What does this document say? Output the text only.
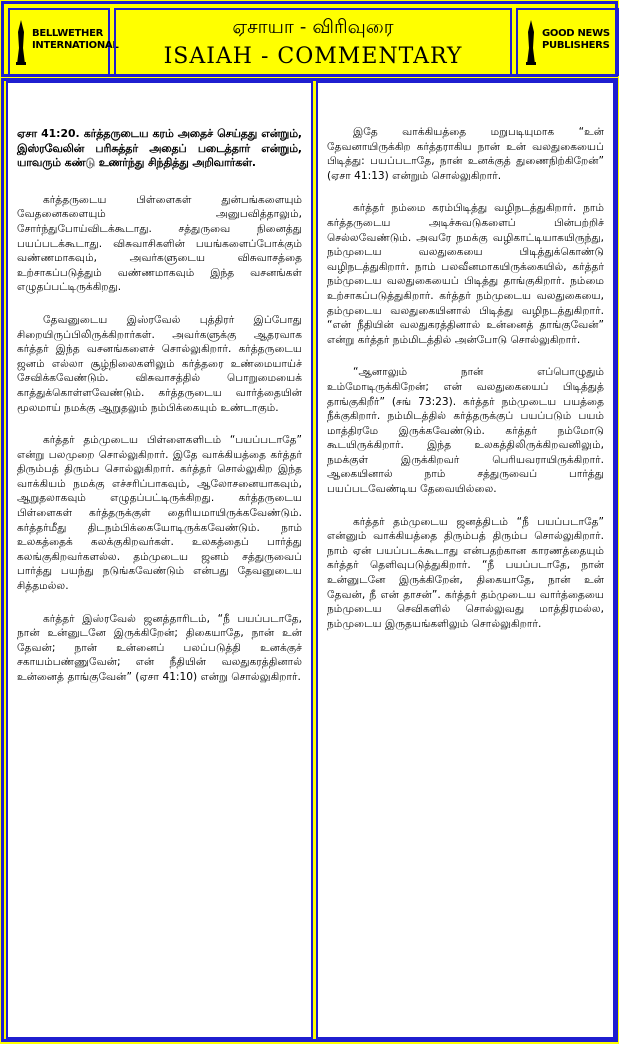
BELLWETHER INTERNATIONAL
ஏசாயா - விரிவுரை
ISAIAH - COMMENTARY
GOOD NEWS PUBLISHERS

ஏசா 41:20. கர்த்தருடைய கரம் அதைச் செய்தது என்றும், இஸ்ரவேலின் பரிசுத்தர் அதைப் படைத்தார் என்றும், யாவரும் கண்டு உணர்ந்து சிந்தித்து அறிவார்கள்.

கர்த்தருடைய பிள்ளைகள் துன்பங்களையும் வேதனைகளையும் அனுபவித்தாலும், சோர்ந்துபோய்விடக்கூடாது. சத்துருவை நினைத்து பயப்படக்கூடாது. விசுவாசிகளின் பயங்களைப்போக்கும் வண்ணமாகவும், அவர்களுடைய விசுவாசத்தை உற்சாகப்படுத்தும் வண்ணமாகவும் இந்த வசனங்கள் எழுதப்பட்டிருக்கிறது.

தேவனுடைய இஸ்ரவேல் புத்திரர் இப்போது சிறையிருப்பிலிருக்கிறார்கள். அவர்களுக்கு ஆதரவாக கர்த்தர் இந்த வசனங்களைச் சொல்லுகிறார். கர்த்தருடைய ஜனம் எல்லா சூழ்நிலைகளிலும் கர்த்தரை உண்மையாய்ச் சேவிக்கவேண்டும். விசுவாசத்தில் பொறுமையைக் காத்துக்கொள்ளவேண்டும். கர்த்தருடைய வார்த்தையின் மூலமாய் நமக்கு ஆறுதலும் நம்பிக்கையும் உண்டாகும்.

கர்த்தர் தம்முடைய பிள்ளைகளிடம் “பயப்படாதே” என்று பலமுறை சொல்லுகிறார். இதே வாக்கியத்தை கர்த்தர் திரும்பத் திரும்ப சொல்லுகிறார். கர்த்தர் சொல்லுகிற இந்த வாக்கியம் நமக்கு எச்சரிப்பாகவும், ஆலோசனையாகவும், ஆறுதலாகவும் எழுதப்பட்டிருக்கிறது. கர்த்தருடைய பிள்ளைகள் கர்த்தருக்குள் தைரியமாயிருக்கவேண்டும். கர்த்தர்மீது திடநம்பிக்கையோடிருக்கவேண்டும். நாம் உலகத்தைக் கலக்குகிறவர்கள். உலகத்தைப் பார்த்து கலங்குகிறவர்களல்ல. தம்முடைய ஜனம் சத்துருவைப் பார்த்து பயந்து நடுங்கவேண்டும் என்பது தேவனுடைய சித்தமல்ல.

கர்த்தர் இஸ்ரவேல் ஜனத்தாரிடம், “நீ பயப்படாதே, நான் உன்னுடனே இருக்கிறேன்; திகையாதே, நான் உன் தேவன்; நான் உன்னைப் பலப்படுத்தி உனக்குச் சகாயம்பண்ணுவேன்; என் நீதியின் வலதுகரத்தினால் உன்னைத் தாங்குவேன்” (ஏசா 41:10) என்று சொல்லுகிறார்.

இதே வாக்கியத்தை மறுபடியுமாக “உன் தேவனாயிருக்கிற கர்த்தராகிய நான் உன் வலதுகையைப் பிடித்து: பயப்படாதே, நான் உனக்குத் துணைநிற்கிறேன்” (ஏசா 41:13) என்றும் சொல்லுகிறார்.

கர்த்தர் நம்மை கரம்பிடித்து வழிநடத்துகிறார். நாம் கர்த்தருடைய அடிச்சுவடுகளைப் பின்பற்றிச் செல்லவேண்டும். அவரே நமக்கு வழிகாட்டியாகயிருந்து, நம்முடைய வலதுகையை பிடித்துக்கொண்டு வழிநடத்துகிறார். நாம் பலவீனமாகயிருக்கையில், கர்த்தர் நம்முடைய வலதுகையைப் பிடித்து தாங்குகிறார். நம்மை உற்சாகப்படுத்துகிறார். கர்த்தர் நம்முடைய வலதுகையை, தம்முடைய வலதுகையினால் பிடித்து வழிநடத்துகிறார். “என் நீதியின் வலதுகரத்தினால் உன்னைத் தாங்குவேன்” என்று கர்த்தர் நம்மிடத்தில் அன்போடு சொல்லுகிறார்.

“ஆனாலும் நான் எப்பொழுதும் உம்மோடிருக்கிறேன்; என் வலதுகையைப் பிடித்துத் தாங்குகிறீர்” (சங் 73:23). கர்த்தர் நம்முடைய பயத்தை நீக்குகிறார். நம்மிடத்தில் கர்த்தருக்குப் பயப்படும் பயம் மாத்திரமே இருக்கவேண்டும். கர்த்தர் நம்மோடு கூடயிருக்கிறார். இந்த உலகத்திலிருக்கிறவனிலும், நமக்குள் இருக்கிறவர் பெரியவராயிருக்கிறார். ஆகையினால் நாம் சத்துருவைப் பார்த்து பயப்படவேண்டிய தேவையில்லை.

கர்த்தர் தம்முடைய ஜனத்திடம் “நீ பயப்படாதே” என்னும் வாக்கியத்தை திரும்பத் திரும்ப சொல்லுகிறார். நாம் ஏன் பயப்படக்கூடாது என்பதற்கான காரணத்தையும் கர்த்தர் தெளிவுபடுத்துகிறார். “நீ பயப்படாதே, நான் உன்னுடனே இருக்கிறேன், திகையாதே, நான் உன் தேவன், நீ என் தாசன்”. கர்த்தர் தம்முடைய வார்த்தையை நம்முடைய செவிகளில் சொல்லுவது மாத்திரமல்ல, நம்முடைய இருதயங்களிலும் சொல்லுகிறார்.
